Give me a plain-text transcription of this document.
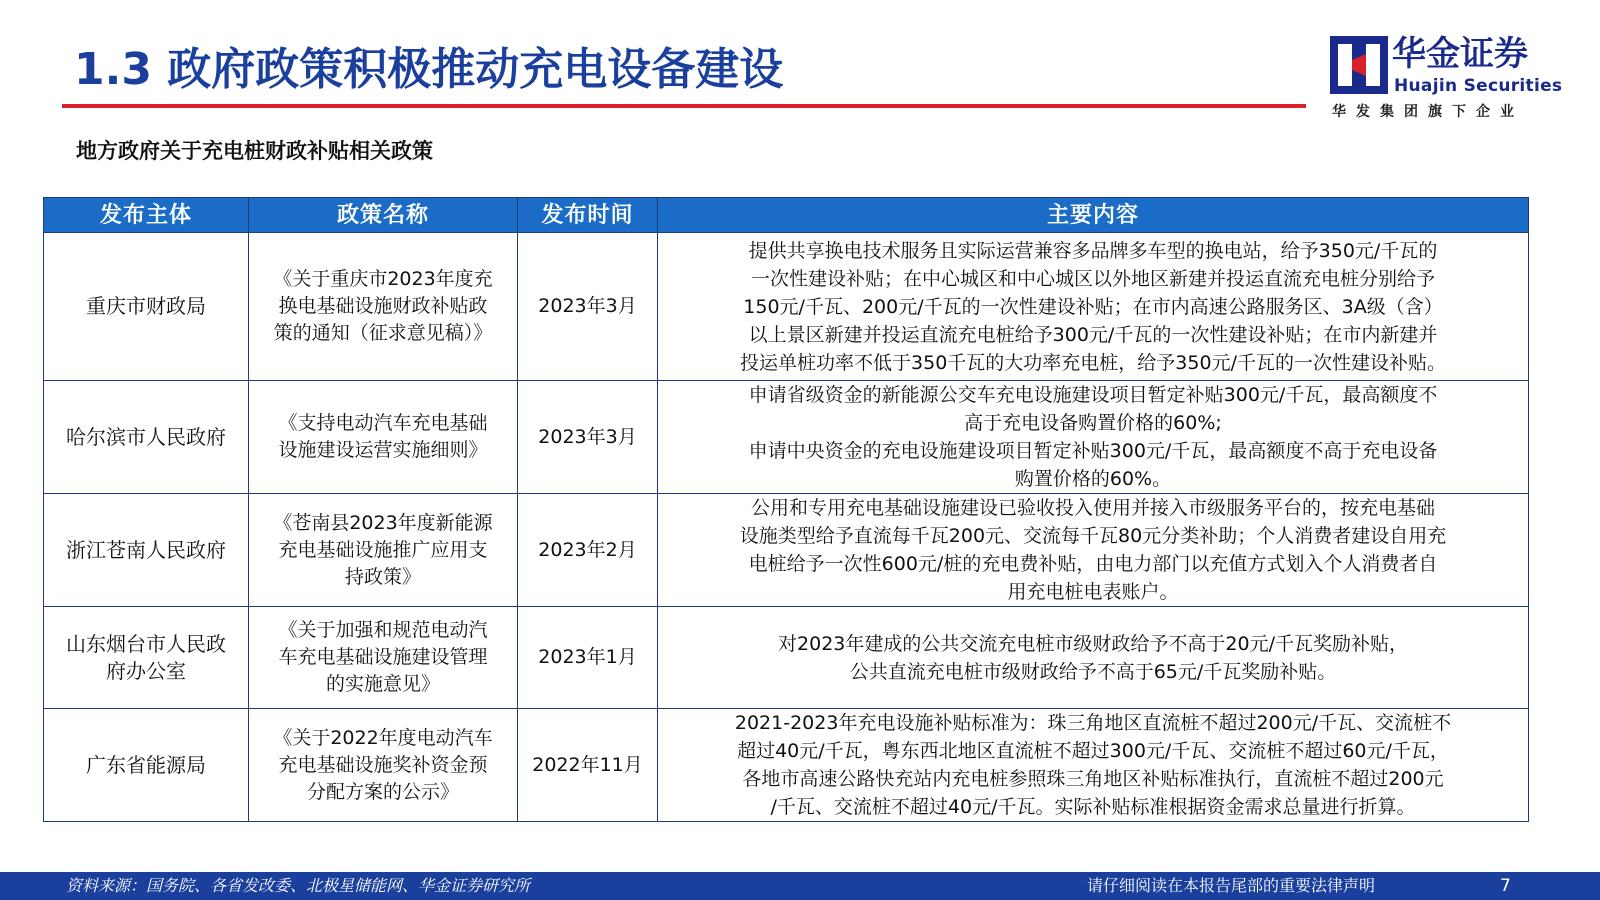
1.3 政府政策积极推动充电设备建设	华金证券
Huajin Securities
华发集团旗下企业
地方政府关于充电桩财政补贴相关政策
发布主体	政策名称	发布时间	主要内容

重庆市财政局	《关于重庆市2023年度充
换电基础设施财政补贴政
策的通知（征求意见稿）》	2023年3月	提供共享换电技术服务且实际运营兼容多品牌多车型的换电站，给予350元/千瓦的
一次性建设补贴；在中心城区和中心城区以外地区新建并投运直流充电桩分别给予
150元/千瓦、200元/千瓦的一次性建设补贴；在市内高速公路服务区、3A级（含）
以上景区新建并投运直流充电桩给予300元/千瓦的一次性建设补贴；在市内新建并
投运单桩功率不低于350千瓦的大功率充电桩，给予350元/千瓦的一次性建设补贴。

哈尔滨市人民政府	《支持电动汽车充电基础
设施建设运营实施细则》	2023年3月	申请省级资金的新能源公交车充电设施建设项目暂定补贴300元/千瓦，最高额度不
高于充电设备购置价格的60%;
申请中央资金的充电设施建设项目暂定补贴300元/千瓦，最高额度不高于充电设备
购置价格的60%。

浙江苍南人民政府	《苍南县2023年度新能源
充电基础设施推广应用支
持政策》	2023年2月	公用和专用充电基础设施建设已验收投入使用并接入市级服务平台的，按充电基础
设施类型给予直流每千瓦200元、交流每千瓦80元分类补助；个人消费者建设自用充
电桩给予一次性600元/桩的充电费补贴，由电力部门以充值方式划入个人消费者自
用充电桩电表账户。

山东烟台市人民政
府办公室	《关于加强和规范电动汽
车充电基础设施建设管理
的实施意见》	2023年1月	对2023年建成的公共交流充电桩市级财政给予不高于20元/千瓦奖励补贴，
公共直流充电桩市级财政给予不高于65元/千瓦奖励补贴。

广东省能源局	《关于2022年度电动汽车
充电基础设施奖补资金预
分配方案的公示》	2022年11月	2021-2023年充电设施补贴标准为：珠三角地区直流桩不超过200元/千瓦、交流桩不
超过40元/千瓦，粤东西北地区直流桩不超过300元/千瓦、交流桩不超过60元/千瓦，
各地市高速公路快充站内充电桩参照珠三角地区补贴标准执行，直流桩不超过200元
/千瓦、交流桩不超过40元/千瓦。实际补贴标准根据资金需求总量进行折算。
资料来源：国务院、各省发改委、北极星储能网、华金证券研究所	请仔细阅读在本报告尾部的重要法律声明	7
